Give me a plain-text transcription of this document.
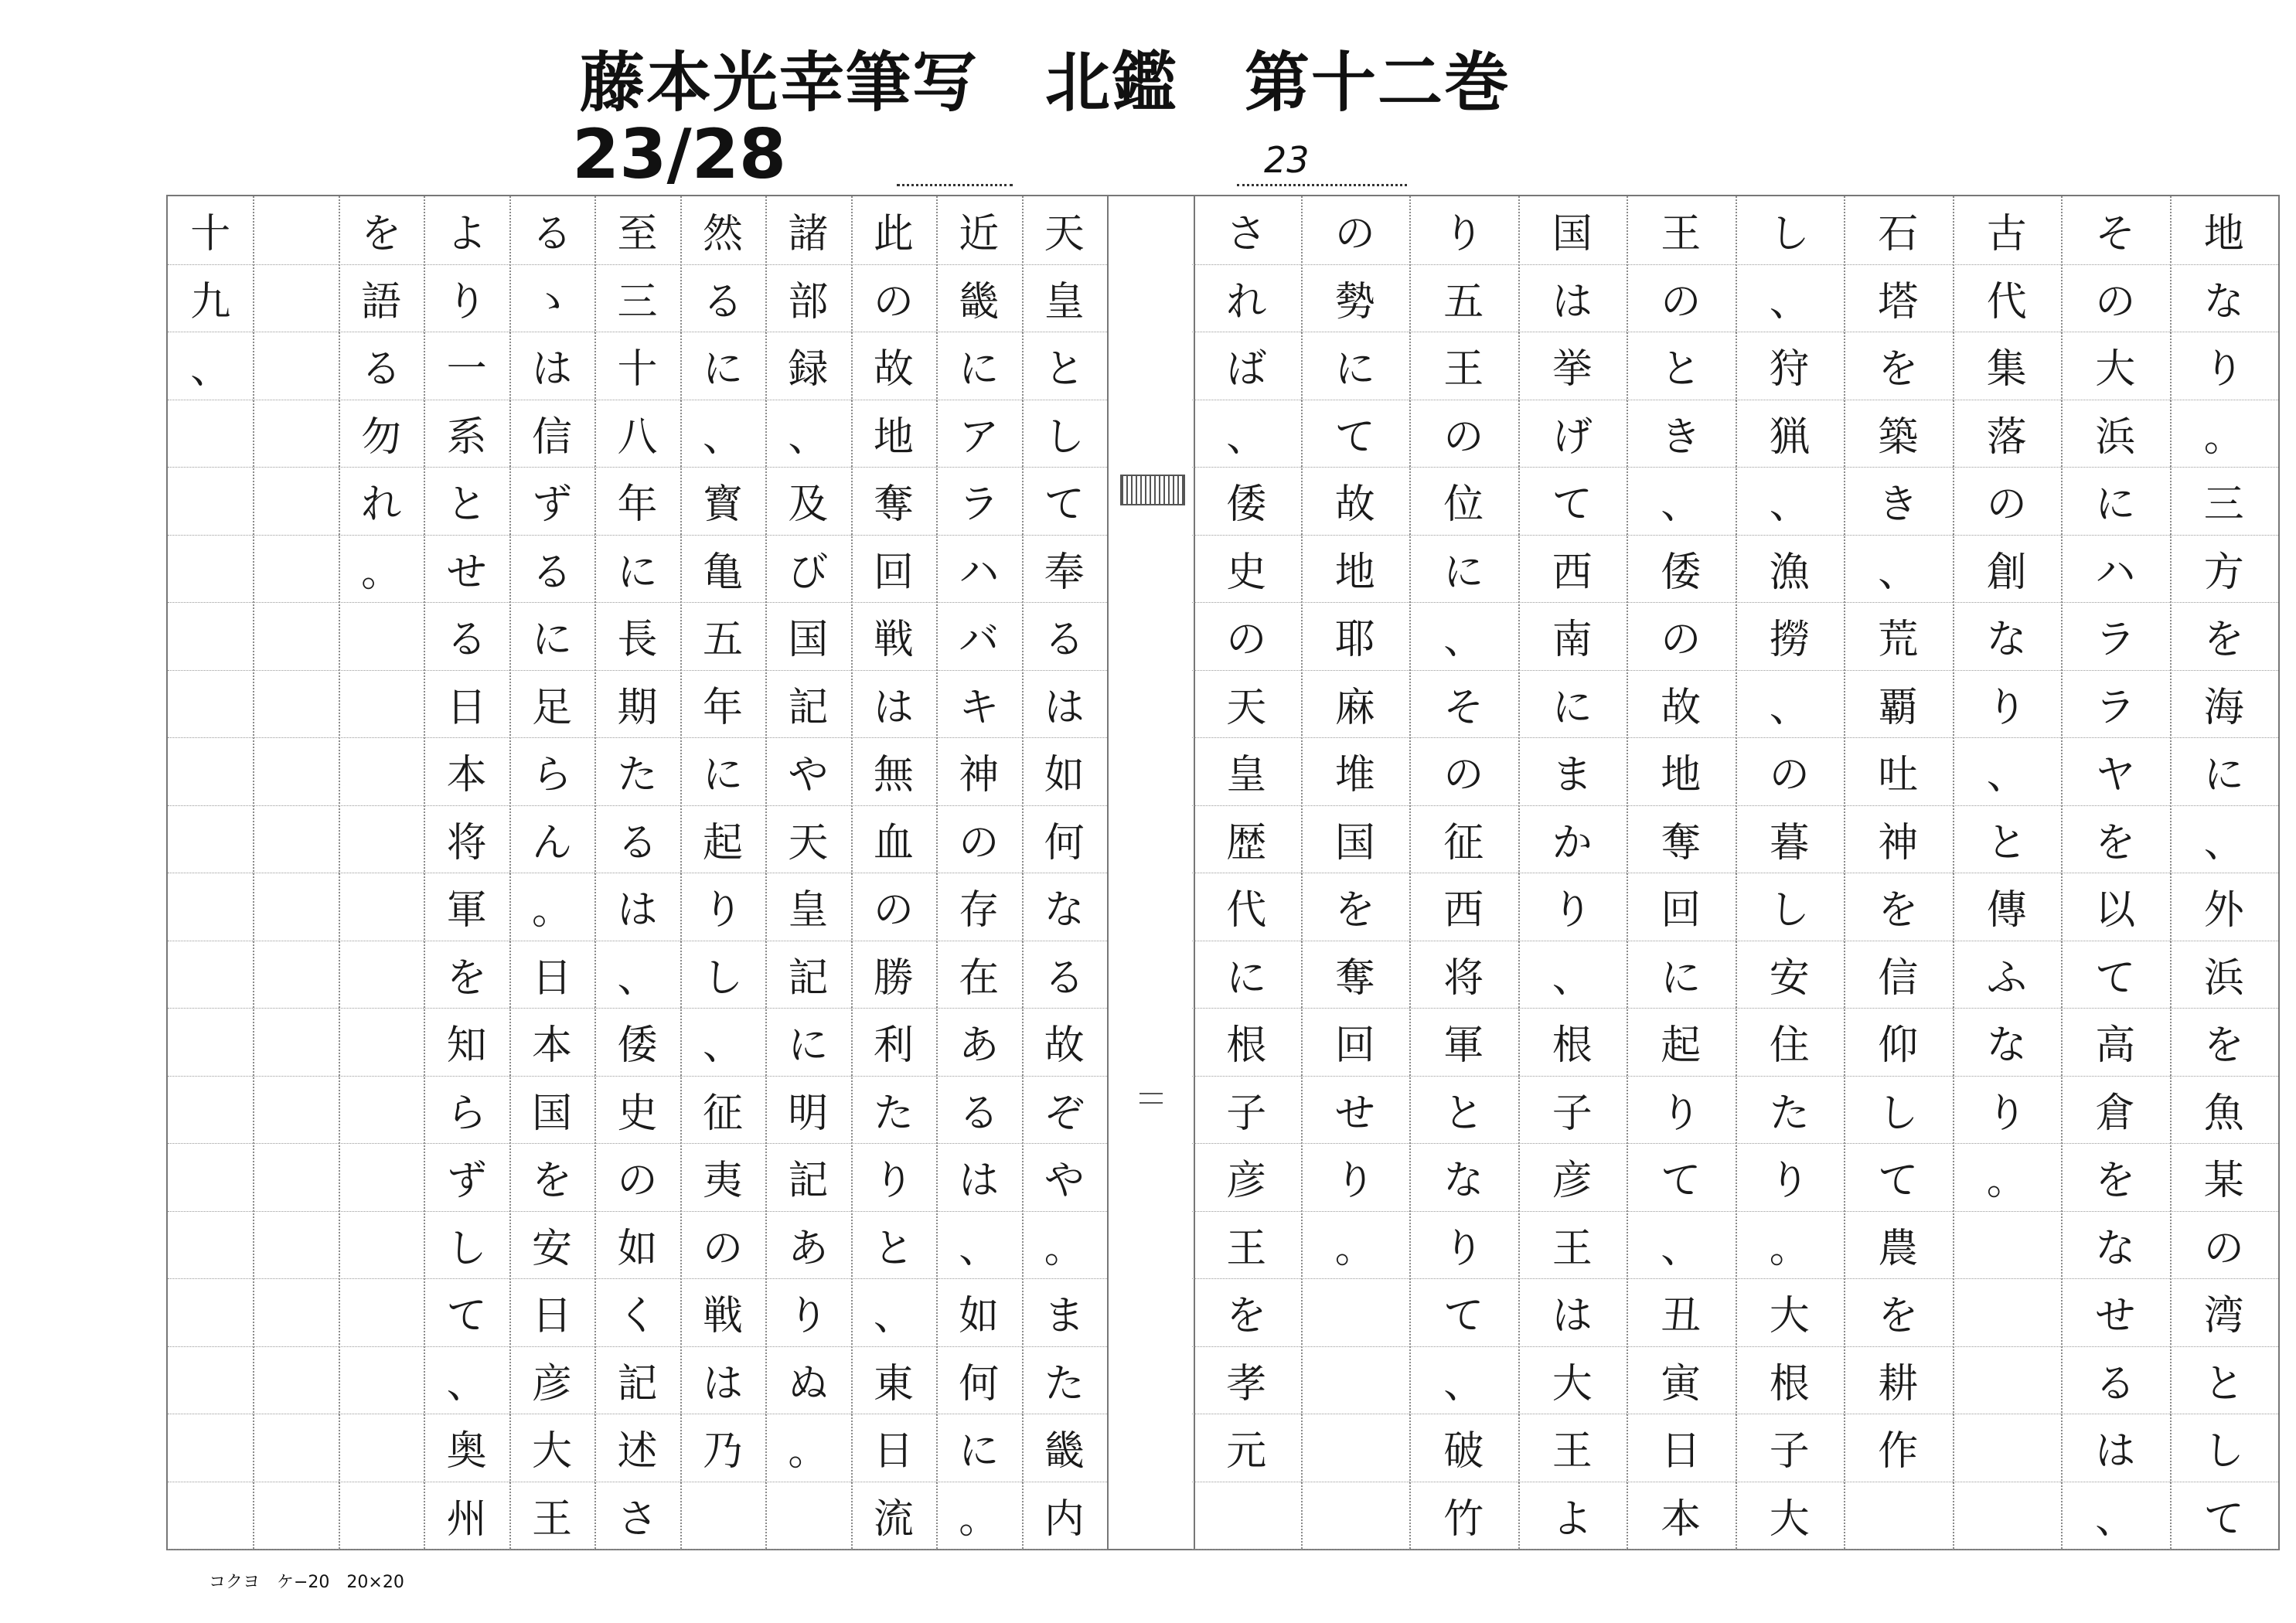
藤本光幸筆写　北鑑　第十二巻
23/28	23
天
皇
と
し
て
奉
る
は
如
何
な
る
故
ぞ
や
。
ま
た
畿
内
近
畿
に
ア
ラ
ハ
バ
キ
神
の
存
在
あ
る
は
、
如
何
に
。
此
の
故
地
奪
回
戦
は
無
血
の
勝
利
た
り
と
、
東
日
流
諸
部
録
、
及
び
国
記
や
天
皇
記
に
明
記
あ
り
ぬ
。
然
る
に
、
寳
亀
五
年
に
起
り
し
、
征
夷
の
戦
は
乃
至
三
十
八
年
に
長
期
た
る
は
、
倭
史
の
如
く
記
述
さ
る
ゝ
は
信
ず
る
に
足
ら
ん
。
日
本
国
を
安
日
彦
大
王
よ
り
一
系
と
せ
る
日
本
将
軍
を
知
ら
ず
し
て
、
奥
州
を
語
る
勿
れ
。
十
九
、
地
な
り
。
三
方
を
海
に
、
外
浜
を
魚
某
の
湾
と
し
て
そ
の
大
浜
に
ハ
ラ
ラ
ヤ
を
以
て
高
倉
を
な
せ
る
は
、
古
代
集
落
の
創
な
り
、
と
傳
ふ
な
り
。
石
塔
を
築
き
、
荒
覇
吐
神
を
信
仰
し
て
農
を
耕
作
し
、
狩
猟
、
漁
撈
、
の
暮
し
安
住
た
り
。
大
根
子
大
王
の
と
き
、
倭
の
故
地
奪
回
に
起
り
て
、
丑
寅
日
本
国
は
挙
げ
て
西
南
に
ま
か
り
、
根
子
彦
王
は
大
王
よ
り
五
王
の
位
に
、
そ
の
征
西
将
軍
と
な
り
て
、
破
竹
の
勢
に
て
故
地
耶
麻
堆
国
を
奪
回
せ
り
。
さ
れ
ば
、
倭
史
の
天
皇
歴
代
に
根
子
彦
王
を
孝
元
コクヨ　ケ−20　20×20
